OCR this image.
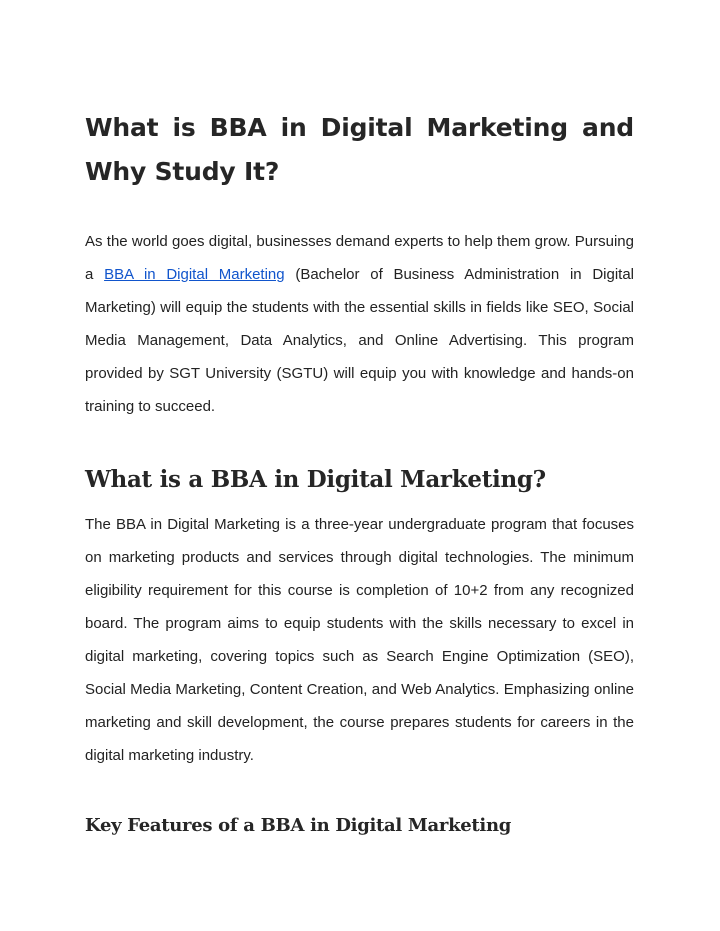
What is BBA in Digital Marketing and Why Study It?

As the world goes digital, businesses demand experts to help them grow. Pursuing a BBA in Digital Marketing (Bachelor of Business Administration in Digital Marketing) will equip the students with the essential skills in fields like SEO, Social Media Management, Data Analytics, and Online Advertising. This program provided by SGT University (SGTU) will equip you with knowledge and hands-on training to succeed.

What is a BBA in Digital Marketing?

The BBA in Digital Marketing is a three-year undergraduate program that focuses on marketing products and services through digital technologies. The minimum eligibility requirement for this course is completion of 10+2 from any recognized board. The program aims to equip students with the skills necessary to excel in digital marketing, covering topics such as Search Engine Optimization (SEO), Social Media Marketing, Content Creation, and Web Analytics. Emphasizing online marketing and skill development, the course prepares students for careers in the digital marketing industry.

Key Features of a BBA in Digital Marketing
